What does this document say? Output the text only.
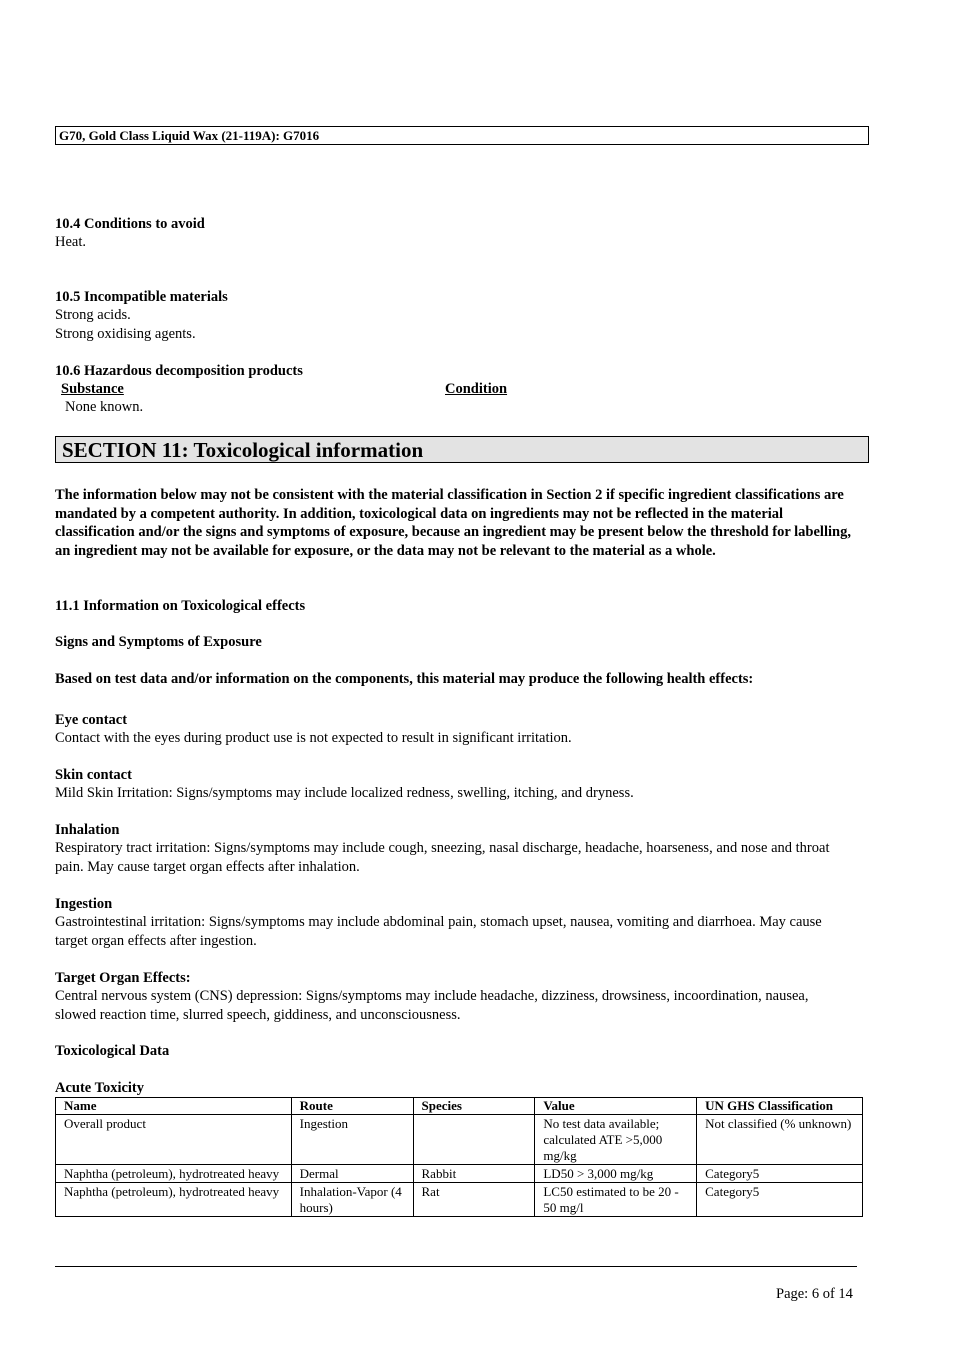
G70, Gold Class Liquid Wax (21-119A): G7016
10.4 Conditions to avoid
Heat.
10.5 Incompatible materials
Strong acids.
Strong oxidising agents.
10.6 Hazardous decomposition products
Substance	Condition
None known.
SECTION 11: Toxicological information
The information below may not be consistent with the material classification in Section 2 if specific ingredient classifications are mandated by a competent authority. In addition, toxicological data on ingredients may not be reflected in the material classification and/or the signs and symptoms of exposure, because an ingredient may be present below the threshold for labelling, an ingredient may not be available for exposure, or the data may not be relevant to the material as a whole.
11.1 Information on Toxicological effects
Signs and Symptoms of Exposure
Based on test data and/or information on the components, this material may produce the following health effects:
Eye contact
Contact with the eyes during product use is not expected to result in significant irritation.
Skin contact
Mild Skin Irritation: Signs/symptoms may include localized redness, swelling, itching, and dryness.
Inhalation
Respiratory tract irritation: Signs/symptoms may include cough, sneezing, nasal discharge, headache, hoarseness, and nose and throat pain. May cause target organ effects after inhalation.
Ingestion
Gastrointestinal irritation: Signs/symptoms may include abdominal pain, stomach upset, nausea, vomiting and diarrhoea. May cause target organ effects after ingestion.
Target Organ Effects:
Central nervous system (CNS) depression: Signs/symptoms may include headache, dizziness, drowsiness, incoordination, nausea, slowed reaction time, slurred speech, giddiness, and unconsciousness.
Toxicological Data
Acute Toxicity
Name	Route	Species	Value	UN GHS Classification
Overall product	Ingestion		No test data available; calculated ATE >5,000 mg/kg	Not classified (% unknown)
Naphtha (petroleum), hydrotreated heavy	Dermal	Rabbit	LD50 > 3,000 mg/kg	Category5
Naphtha (petroleum), hydrotreated heavy	Inhalation-Vapor (4 hours)	Rat	LC50 estimated to be 20 - 50 mg/l	Category5
Page: 6 of 14
